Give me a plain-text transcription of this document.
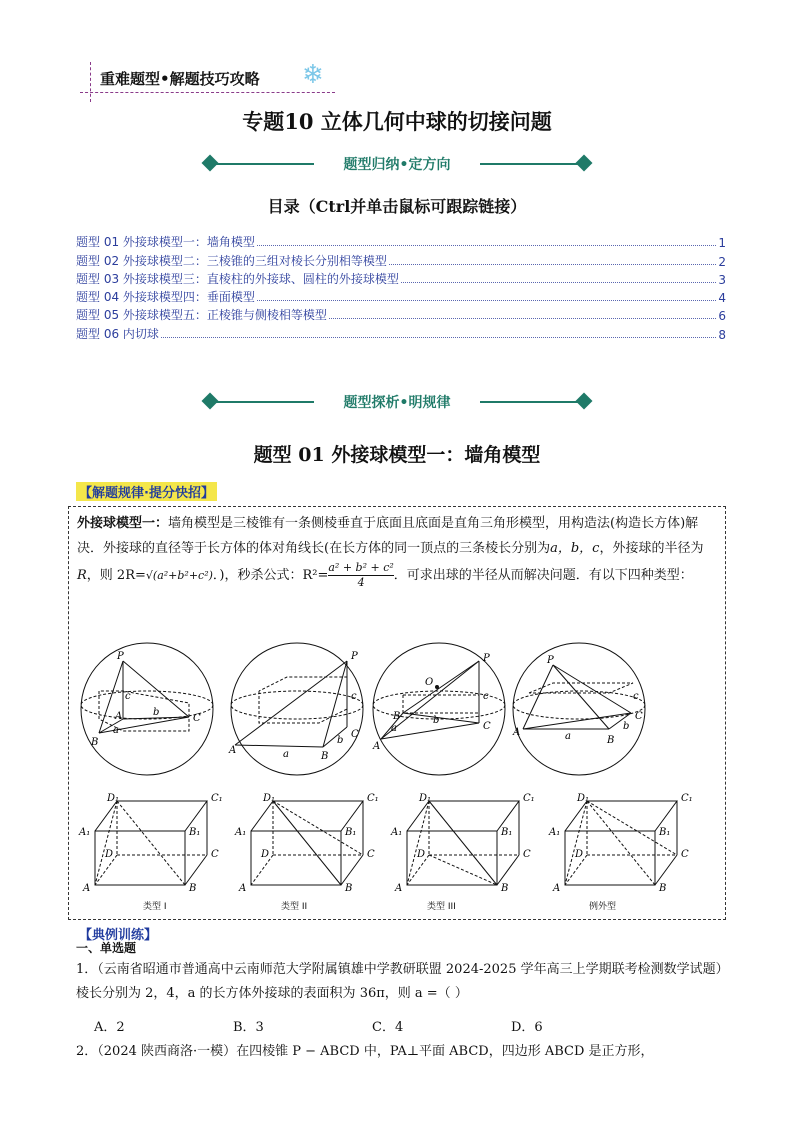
重难题型•解题技巧攻略 ❄
专题10 立体几何中球的切接问题
题型归纳•定方向
目录（Ctrl并单击鼠标可跟踪链接）
题型 01 外接球模型一：墙角模型	1
题型 02 外接球模型二：三棱锥的三组对棱长分别相等模型	2
题型 03 外接球模型三：直棱柱的外接球、圆柱的外接球模型	3
题型 04 外接球模型四：垂面模型	4
题型 05 外接球模型五：正棱锥与侧棱相等模型	6
题型 06 内切球	8
题型探析•明规律
题型 01 外接球模型一：墙角模型
【解题规律·提分快招】
外接球模型一：墙角模型是三棱锥有一条侧棱垂直于底面且底面是直角三角形模型，用构造法(构造长方体)解决．外接球的直径等于长方体的体对角线长(在长方体的同一顶点的三条棱长分别为a，b，c，外接球的半径为R，则 2R=√(a²+b²+c²)．)，秒杀公式：$R^2= \frac{\text{a² + b² + c²}}{4}$ ．可求出球的半径从而解决问题．有以下四种类型：
P
A
B
C
c
b
a
P
A
B
C
c
b
a
P
O
B
A
C
c
b
a
P
A
B
C
c
b
a
D₁	C₁
A₁	B₁
D	C
A	B
类型 I
D₁	C₁
A₁	B₁
D	C
A	B
类型 II
D₁	C₁
A₁	B₁
D	C
A	B
类型 III
D₁	C₁
A₁	B₁
D	C
A	B
例外型
【典例训练】
一、单选题
1．（云南省昭通市普通高中云南师范大学附属镇雄中学教研联盟 2024-2025 学年高三上学期联考检测数学试题）棱长分别为 2，4，a 的长方体外接球的表面积为 36π，则 a =（ ）
A．2	B．3	C．4	D．6
2．（2024 陕西商洛·一模）在四棱锥 P − ABCD 中，PA⊥平面 ABCD，四边形 ABCD 是正方形，
